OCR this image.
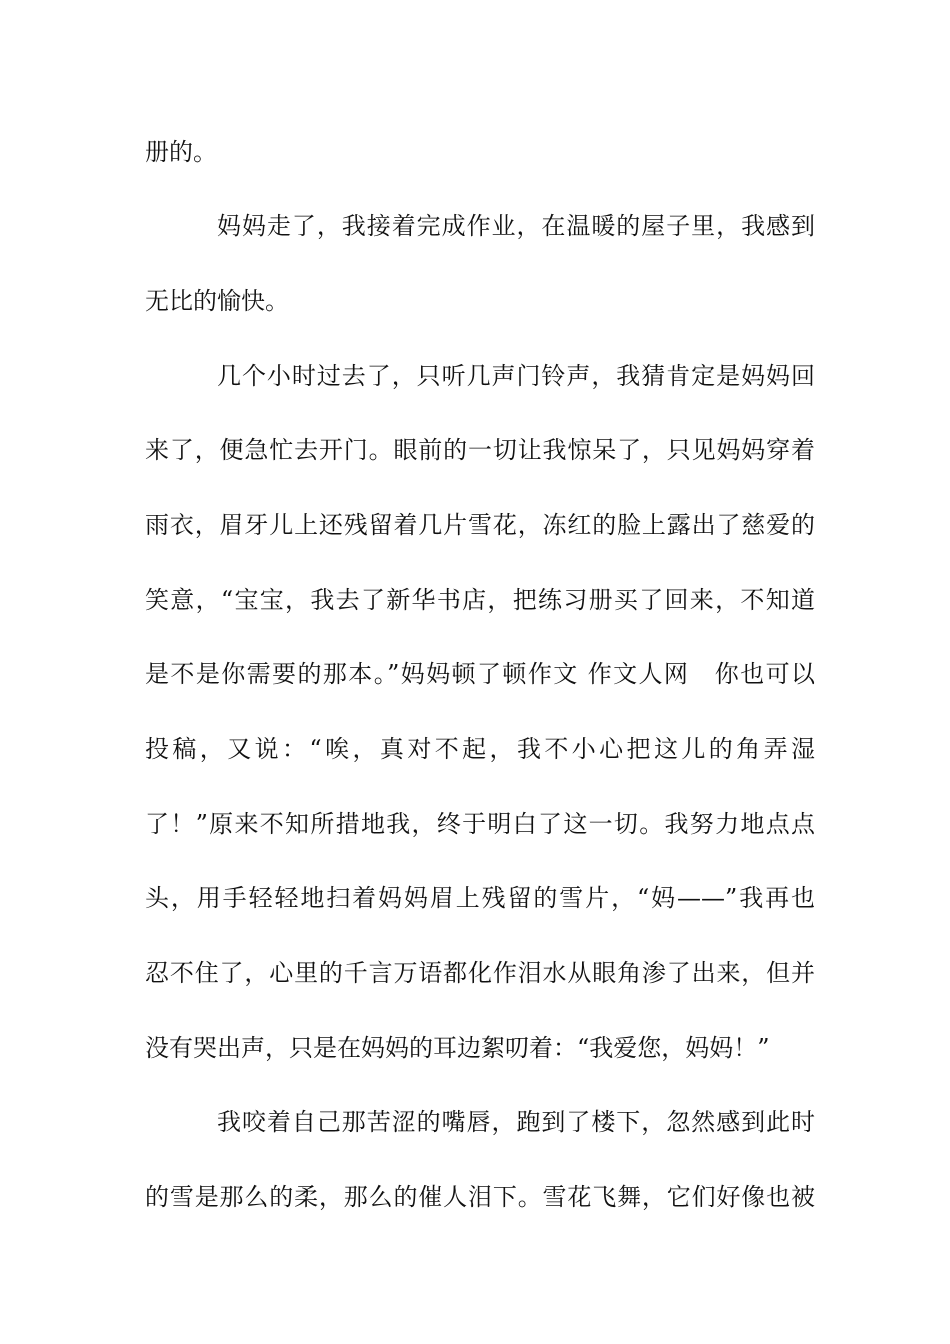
册的。

妈妈走了，我接着完成作业，在温暖的屋子里，我感到

无比的愉快。

几个小时过去了，只听几声门铃声，我猜肯定是妈妈回

来了，便急忙去开门。眼前的一切让我惊呆了，只见妈妈穿着

雨衣，眉牙儿上还残留着几片雪花，冻红的脸上露出了慈爱的

笑意，“宝宝，我去了新华书店，把练习册买了回来，不知道

是不是你需要的那本。”妈妈顿了顿作文 作文人网　你也可以

投稿，又说：“唉，真对不起，我不小心把这儿的角弄湿

了！”原来不知所措地我，终于明白了这一切。我努力地点点

头，用手轻轻地扫着妈妈眉上残留的雪片，“妈——”我再也

忍不住了，心里的千言万语都化作泪水从眼角渗了出来，但并

没有哭出声，只是在妈妈的耳边絮叨着：“我爱您，妈妈！”

我咬着自己那苦涩的嘴唇，跑到了楼下，忽然感到此时

的雪是那么的柔，那么的催人泪下。雪花飞舞，它们好像也被
